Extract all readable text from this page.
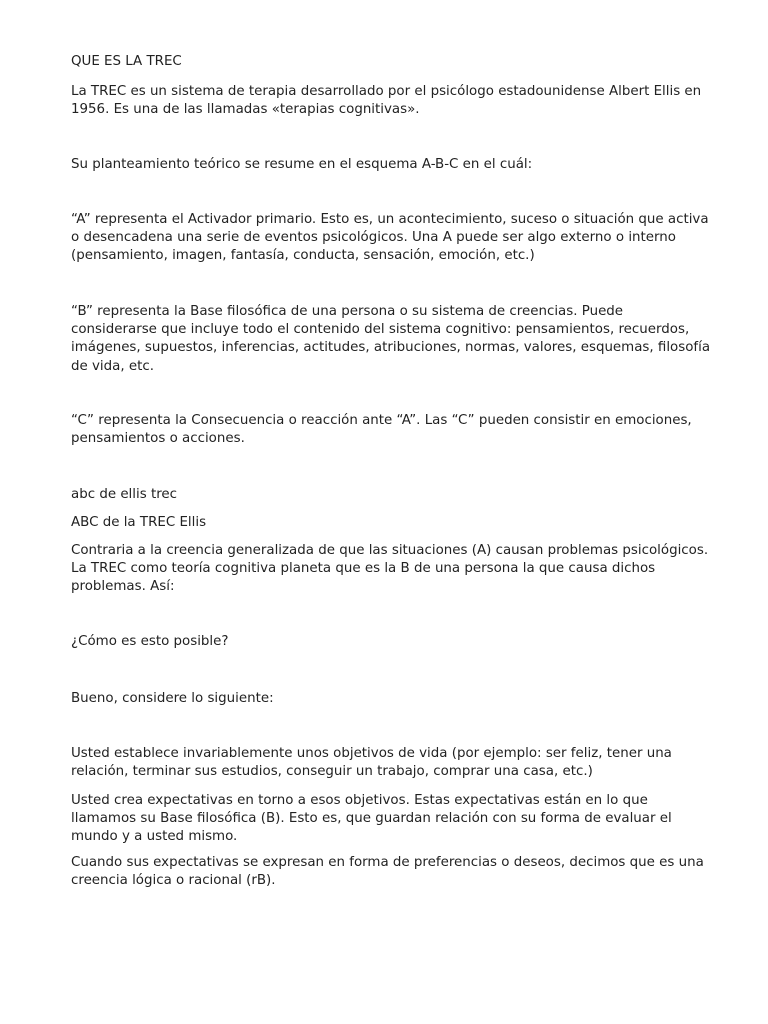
QUE ES LA TREC

La TREC es un sistema de terapia desarrollado por el psicólogo estadounidense Albert Ellis en 1956. Es una de las llamadas «terapias cognitivas».

Su planteamiento teórico se resume en el esquema A-B-C en el cuál:

“A” representa el Activador primario. Esto es, un acontecimiento, suceso o situación que activa o desencadena una serie de eventos psicológicos. Una A puede ser algo externo o interno (pensamiento, imagen, fantasía, conducta, sensación, emoción, etc.)

“B” representa la Base filosófica de una persona o su sistema de creencias. Puede considerarse que incluye todo el contenido del sistema cognitivo: pensamientos, recuerdos, imágenes, supuestos, inferencias, actitudes, atribuciones, normas, valores, esquemas, filosofía de vida, etc.

“C” representa la Consecuencia o reacción ante “A”. Las “C” pueden consistir en emociones, pensamientos o acciones.

abc de ellis trec

ABC de la TREC Ellis

Contraria a la creencia generalizada de que las situaciones (A) causan problemas psicológicos. La TREC como teoría cognitiva planeta que es la B de una persona la que causa dichos problemas. Así:

¿Cómo es esto posible?

Bueno, considere lo siguiente:

Usted establece invariablemente unos objetivos de vida (por ejemplo: ser feliz, tener una relación, terminar sus estudios, conseguir un trabajo, comprar una casa, etc.)

Usted crea expectativas en torno a esos objetivos. Estas expectativas están en lo que llamamos su Base filosófica (B). Esto es, que guardan relación con su forma de evaluar el mundo y a usted mismo.

Cuando sus expectativas se expresan en forma de preferencias o deseos, decimos que es una creencia lógica o racional (rB).
